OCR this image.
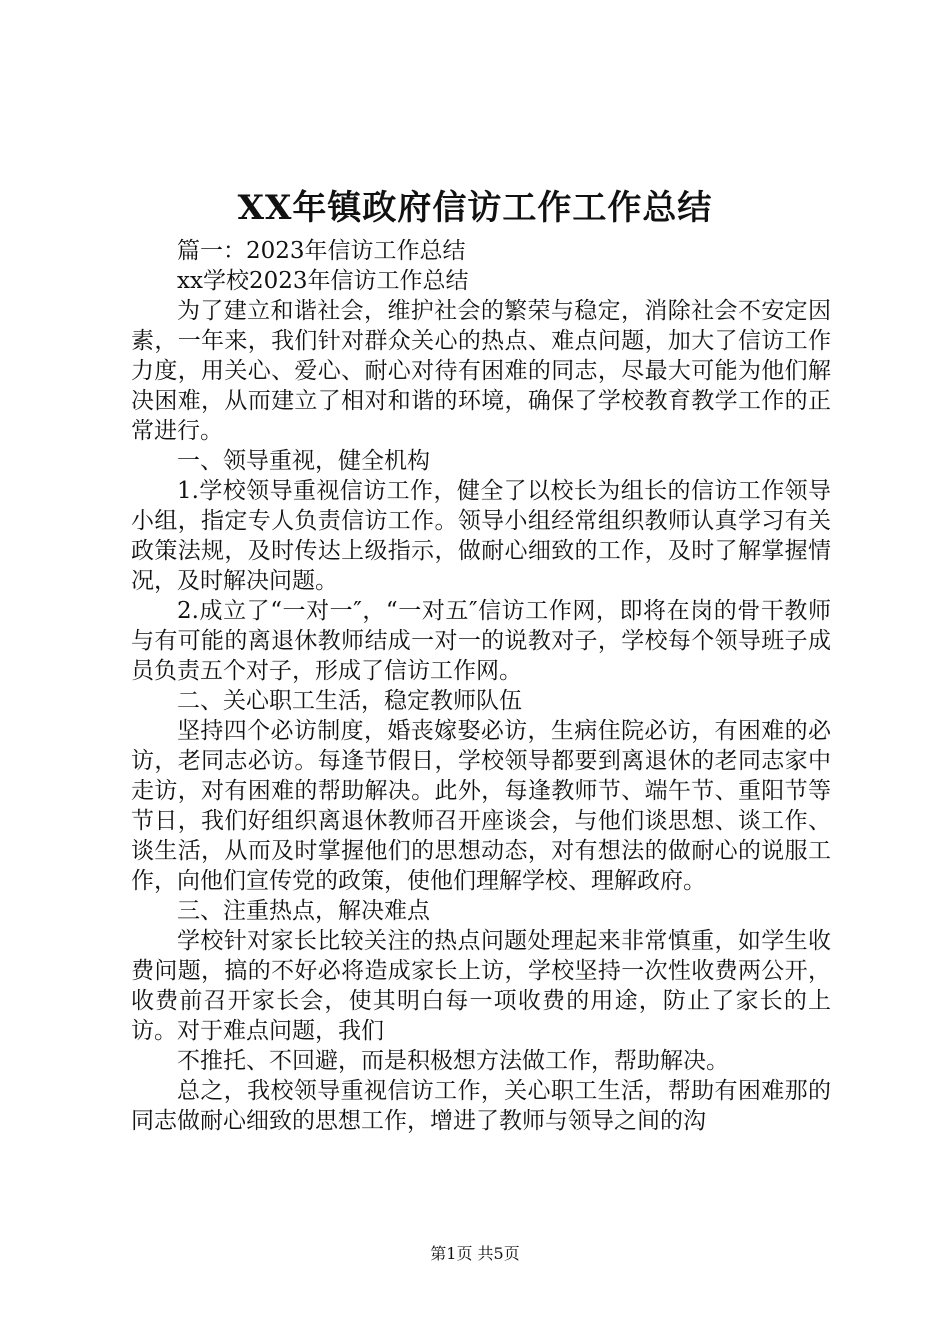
XX年镇政府信访工作工作总结

篇一：2023年信访工作总结

xx学校2023年信访工作总结

为了建立和谐社会，维护社会的繁荣与稳定，消除社会不安定因素，一年来，我们针对群众关心的热点、难点问题，加大了信访工作力度，用关心、爱心、耐心对待有困难的同志，尽最大可能为他们解决困难，从而建立了相对和谐的环境，确保了学校教育教学工作的正常进行。

一、领导重视，健全机构

1.学校领导重视信访工作，健全了以校长为组长的信访工作领导小组，指定专人负责信访工作。领导小组经常组织教师认真学习有关政策法规，及时传达上级指示，做耐心细致的工作，及时了解掌握情况，及时解决问题。

2.成立了“一对一″，“一对五″信访工作网，即将在岗的骨干教师与有可能的离退休教师结成一对一的说教对子，学校每个领导班子成员负责五个对子，形成了信访工作网。

二、关心职工生活，稳定教师队伍

坚持四个必访制度，婚丧嫁娶必访，生病住院必访，有困难的必访，老同志必访。每逢节假日，学校领导都要到离退休的老同志家中走访，对有困难的帮助解决。此外，每逢教师节、端午节、重阳节等节日，我们好组织离退休教师召开座谈会，与他们谈思想、谈工作、谈生活，从而及时掌握他们的思想动态，对有想法的做耐心的说服工作，向他们宣传党的政策，使他们理解学校、理解政府。

三、注重热点，解决难点

学校针对家长比较关注的热点问题处理起来非常慎重，如学生收费问题，搞的不好必将造成家长上访，学校坚持一次性收费两公开，收费前召开家长会，使其明白每一项收费的用途，防止了家长的上访。对于难点问题，我们

不推托、不回避，而是积极想方法做工作，帮助解决。

总之，我校领导重视信访工作，关心职工生活，帮助有困难那的同志做耐心细致的思想工作，增进了教师与领导之间的沟

第1页 共5页
